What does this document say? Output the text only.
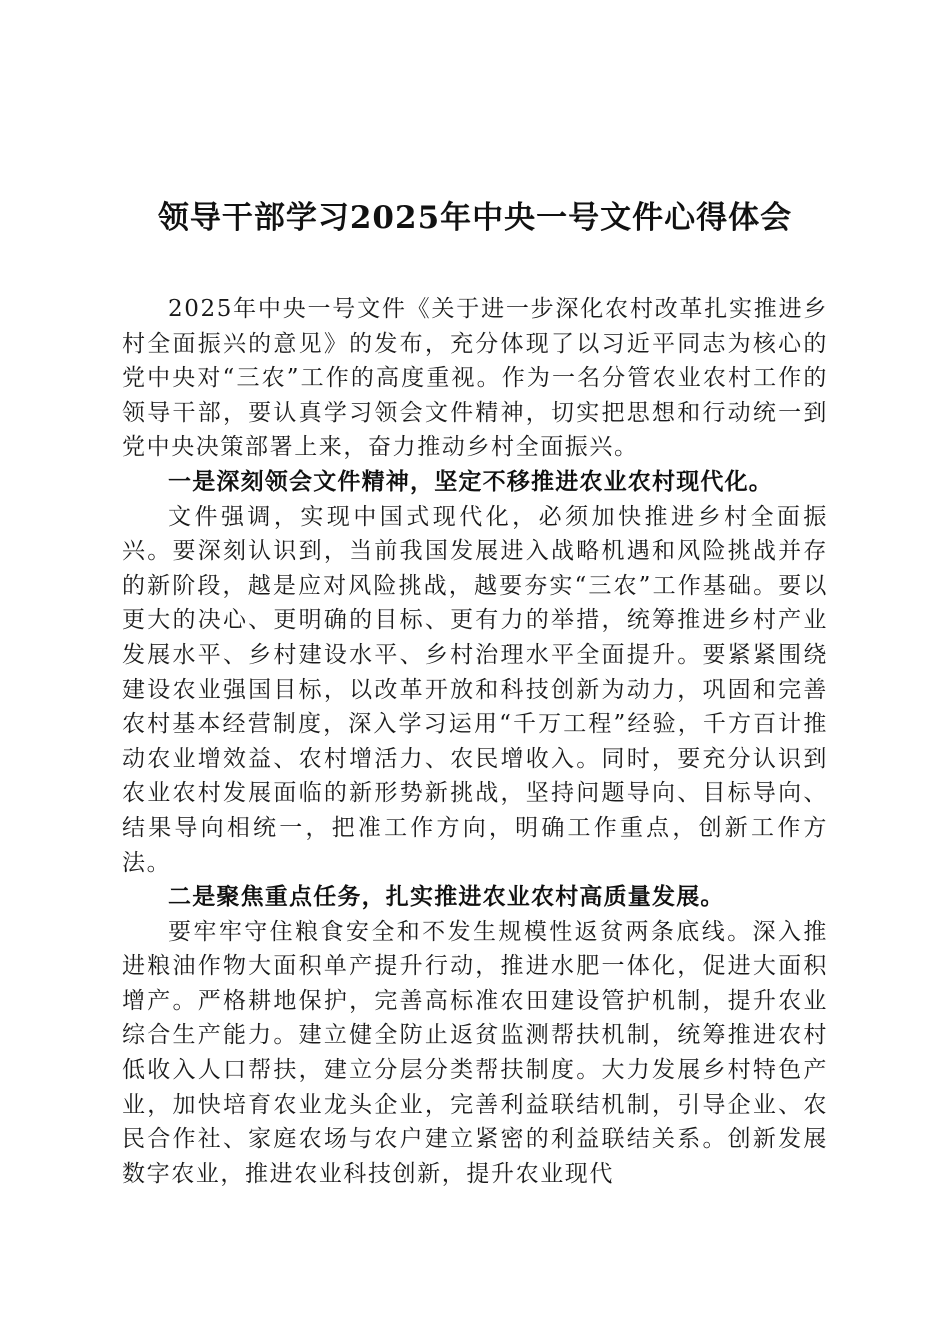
领导干部学习2025年中央一号文件心得体会

2025年中央一号文件《关于进一步深化农村改革扎实推进乡村全面振兴的意见》的发布，充分体现了以习近平同志为核心的党中央对“三农”工作的高度重视。作为一名分管农业农村工作的领导干部，要认真学习领会文件精神，切实把思想和行动统一到党中央决策部署上来，奋力推动乡村全面振兴。

一是深刻领会文件精神，坚定不移推进农业农村现代化。

文件强调，实现中国式现代化，必须加快推进乡村全面振兴。要深刻认识到，当前我国发展进入战略机遇和风险挑战并存的新阶段，越是应对风险挑战，越要夯实“三农”工作基础。要以更大的决心、更明确的目标、更有力的举措，统筹推进乡村产业发展水平、乡村建设水平、乡村治理水平全面提升。要紧紧围绕建设农业强国目标，以改革开放和科技创新为动力，巩固和完善农村基本经营制度，深入学习运用“千万工程”经验，千方百计推动农业增效益、农村增活力、农民增收入。同时，要充分认识到农业农村发展面临的新形势新挑战，坚持问题导向、目标导向、结果导向相统一，把准工作方向，明确工作重点，创新工作方法。

二是聚焦重点任务，扎实推进农业农村高质量发展。

要牢牢守住粮食安全和不发生规模性返贫两条底线。深入推进粮油作物大面积单产提升行动，推进水肥一体化，促进大面积增产。严格耕地保护，完善高标准农田建设管护机制，提升农业综合生产能力。建立健全防止返贫监测帮扶机制，统筹推进农村低收入人口帮扶，建立分层分类帮扶制度。大力发展乡村特色产业，加快培育农业龙头企业，完善利益联结机制，引导企业、农民合作社、家庭农场与农户建立紧密的利益联结关系。创新发展数字农业，推进农业科技创新，提升农业现代
